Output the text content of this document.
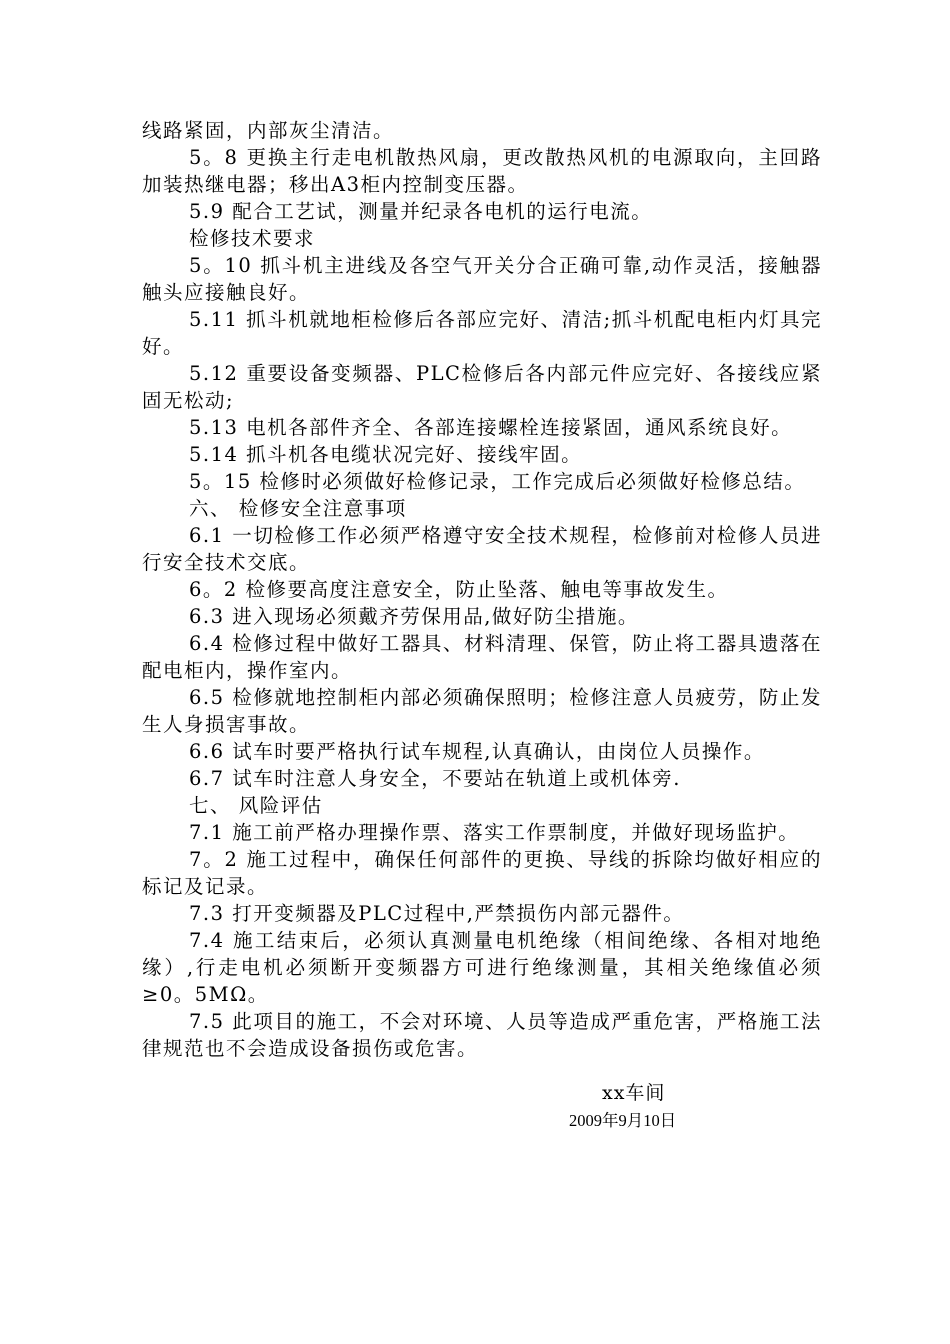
线路紧固，内部灰尘清洁。

5。8 更换主行走电机散热风扇，更改散热风机的电源取向，主回路加装热继电器；移出A3柜内控制变压器。

5.9 配合工艺试，测量并纪录各电机的运行电流。

检修技术要求

5。10 抓斗机主进线及各空气开关分合正确可靠,动作灵活，接触器触头应接触良好。

5.11 抓斗机就地柜检修后各部应完好、清洁;抓斗机配电柜内灯具完好。

5.12 重要设备变频器、PLC检修后各内部元件应完好、各接线应紧固无松动;

5.13 电机各部件齐全、各部连接螺栓连接紧固，通风系统良好。

5.14 抓斗机各电缆状况完好、接线牢固。

5。15 检修时必须做好检修记录，工作完成后必须做好检修总结。

六、 检修安全注意事项

6.1 一切检修工作必须严格遵守安全技术规程，检修前对检修人员进行安全技术交底。

6。2 检修要高度注意安全，防止坠落、触电等事故发生。

6.3 进入现场必须戴齐劳保用品,做好防尘措施。

6.4 检修过程中做好工器具、材料清理、保管，防止将工器具遗落在配电柜内，操作室内。

6.5 检修就地控制柜内部必须确保照明；检修注意人员疲劳，防止发生人身损害事故。

6.6 试车时要严格执行试车规程,认真确认，由岗位人员操作。

6.7 试车时注意人身安全，不要站在轨道上或机体旁.

七、 风险评估

7.1 施工前严格办理操作票、落实工作票制度，并做好现场监护。

7。2 施工过程中，确保任何部件的更换、导线的拆除均做好相应的标记及记录。

7.3 打开变频器及PLC过程中,严禁损伤内部元器件。

7.4 施工结束后，必须认真测量电机绝缘（相间绝缘、各相对地绝缘）,行走电机必须断开变频器方可进行绝缘测量，其相关绝缘值必须≥0。5MΩ。

7.5 此项目的施工，不会对环境、人员等造成严重危害，严格施工法律规范也不会造成设备损伤或危害。

xx车间
2009年9月10日
